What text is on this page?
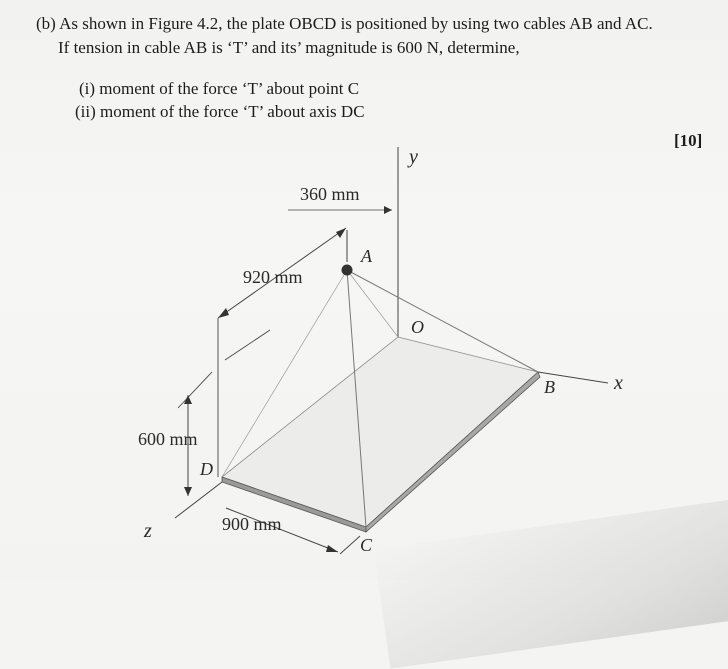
(b) As shown in Figure 4.2, the plate OBCD is positioned by using two cables AB and AC.
If tension in cable AB is ‘T’ and its’ magnitude is 600 N, determine,
(i) moment of the force ‘T’ about point C
(ii) moment of the force ‘T’ about axis DC
[10]
y
x
z
A
O
B
C
D
360 mm
920 mm
600 mm
900 mm
